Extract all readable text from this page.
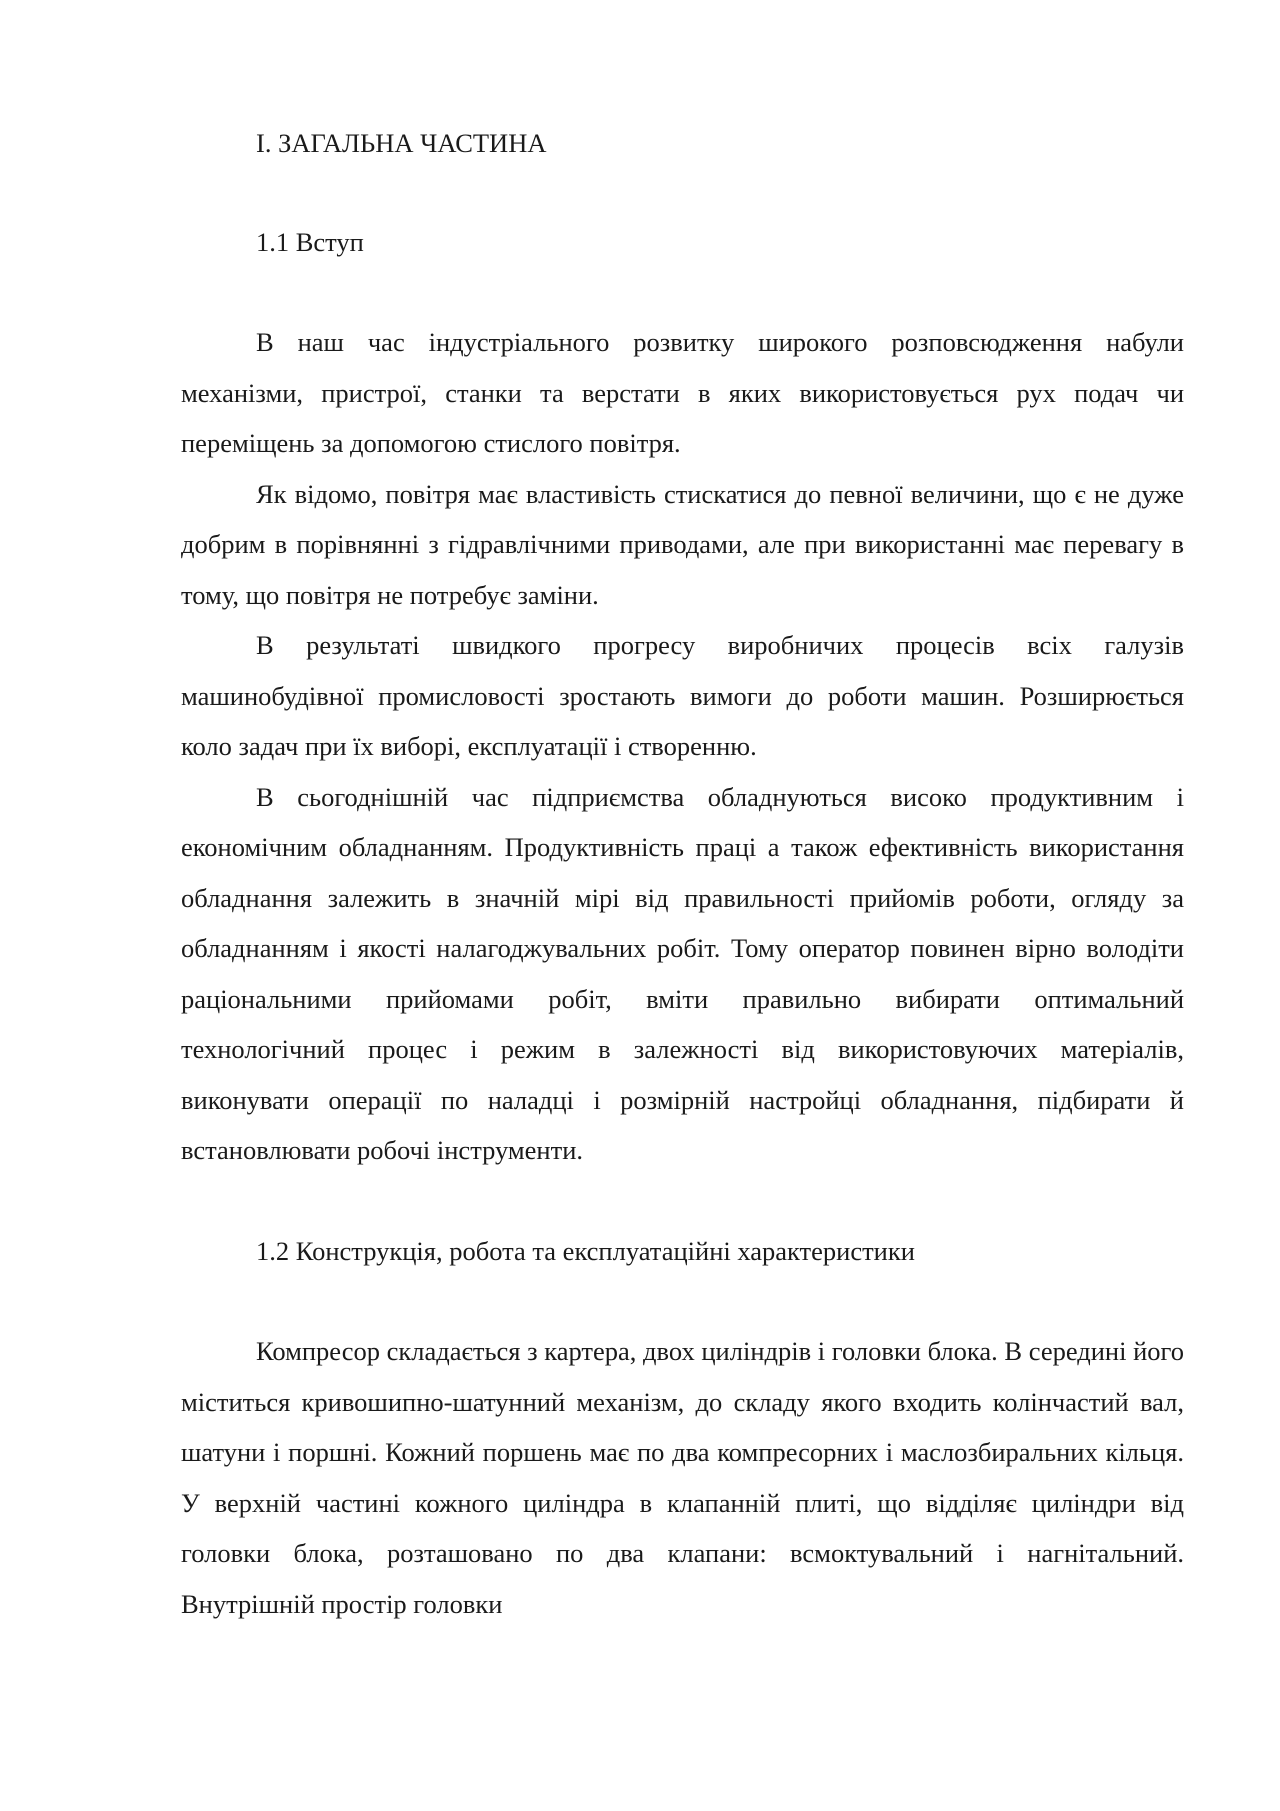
I. ЗАГАЛЬНА ЧАСТИНА
1.1 Вступ

В наш час індустріального розвитку широкого розповсюдження набули механізми, пристрої, станки та верстати в яких використовується рух подач чи переміщень за допомогою стислого повітря.

Як відомо, повітря має властивість стискатися до певної величини, що є не дуже добрим в порівнянні з гідравлічними приводами, але при використанні має перевагу в тому, що повітря не потребує заміни.

В результаті швидкого прогресу виробничих процесів всіх галузів машинобудівної промисловості зростають вимоги до роботи машин. Розширюється коло задач при їх виборі, експлуатації і створенню.

В сьогоднішній час підприємства обладнуються високо продуктивним і економічним обладнанням. Продуктивність праці а також ефективність використання обладнання залежить в значній мірі від правильності прийомів роботи, огляду за обладнанням і якості налагоджувальних робіт. Тому оператор повинен вірно володіти раціональними прийомами робіт, вміти правильно вибирати оптимальний технологічний процес і режим в залежності від використовуючих матеріалів, виконувати операції по наладці і розмірній настройці обладнання, підбирати й встановлювати робочі інструменти.

1.2 Конструкція, робота та експлуатаційні характеристики

Компресор складається з картера, двох циліндрів і головки блока. В середині його міститься кривошипно-шатунний механізм, до складу якого входить колінчастий вал, шатуни і поршні. Кожний поршень має по два компресорних і маслозбиральних кільця. У верхній частині кожного циліндра в клапанній плиті, що відділяє циліндри від головки блока, розташовано по два клапани: всмоктувальний і нагнітальний. Внутрішній простір головки
